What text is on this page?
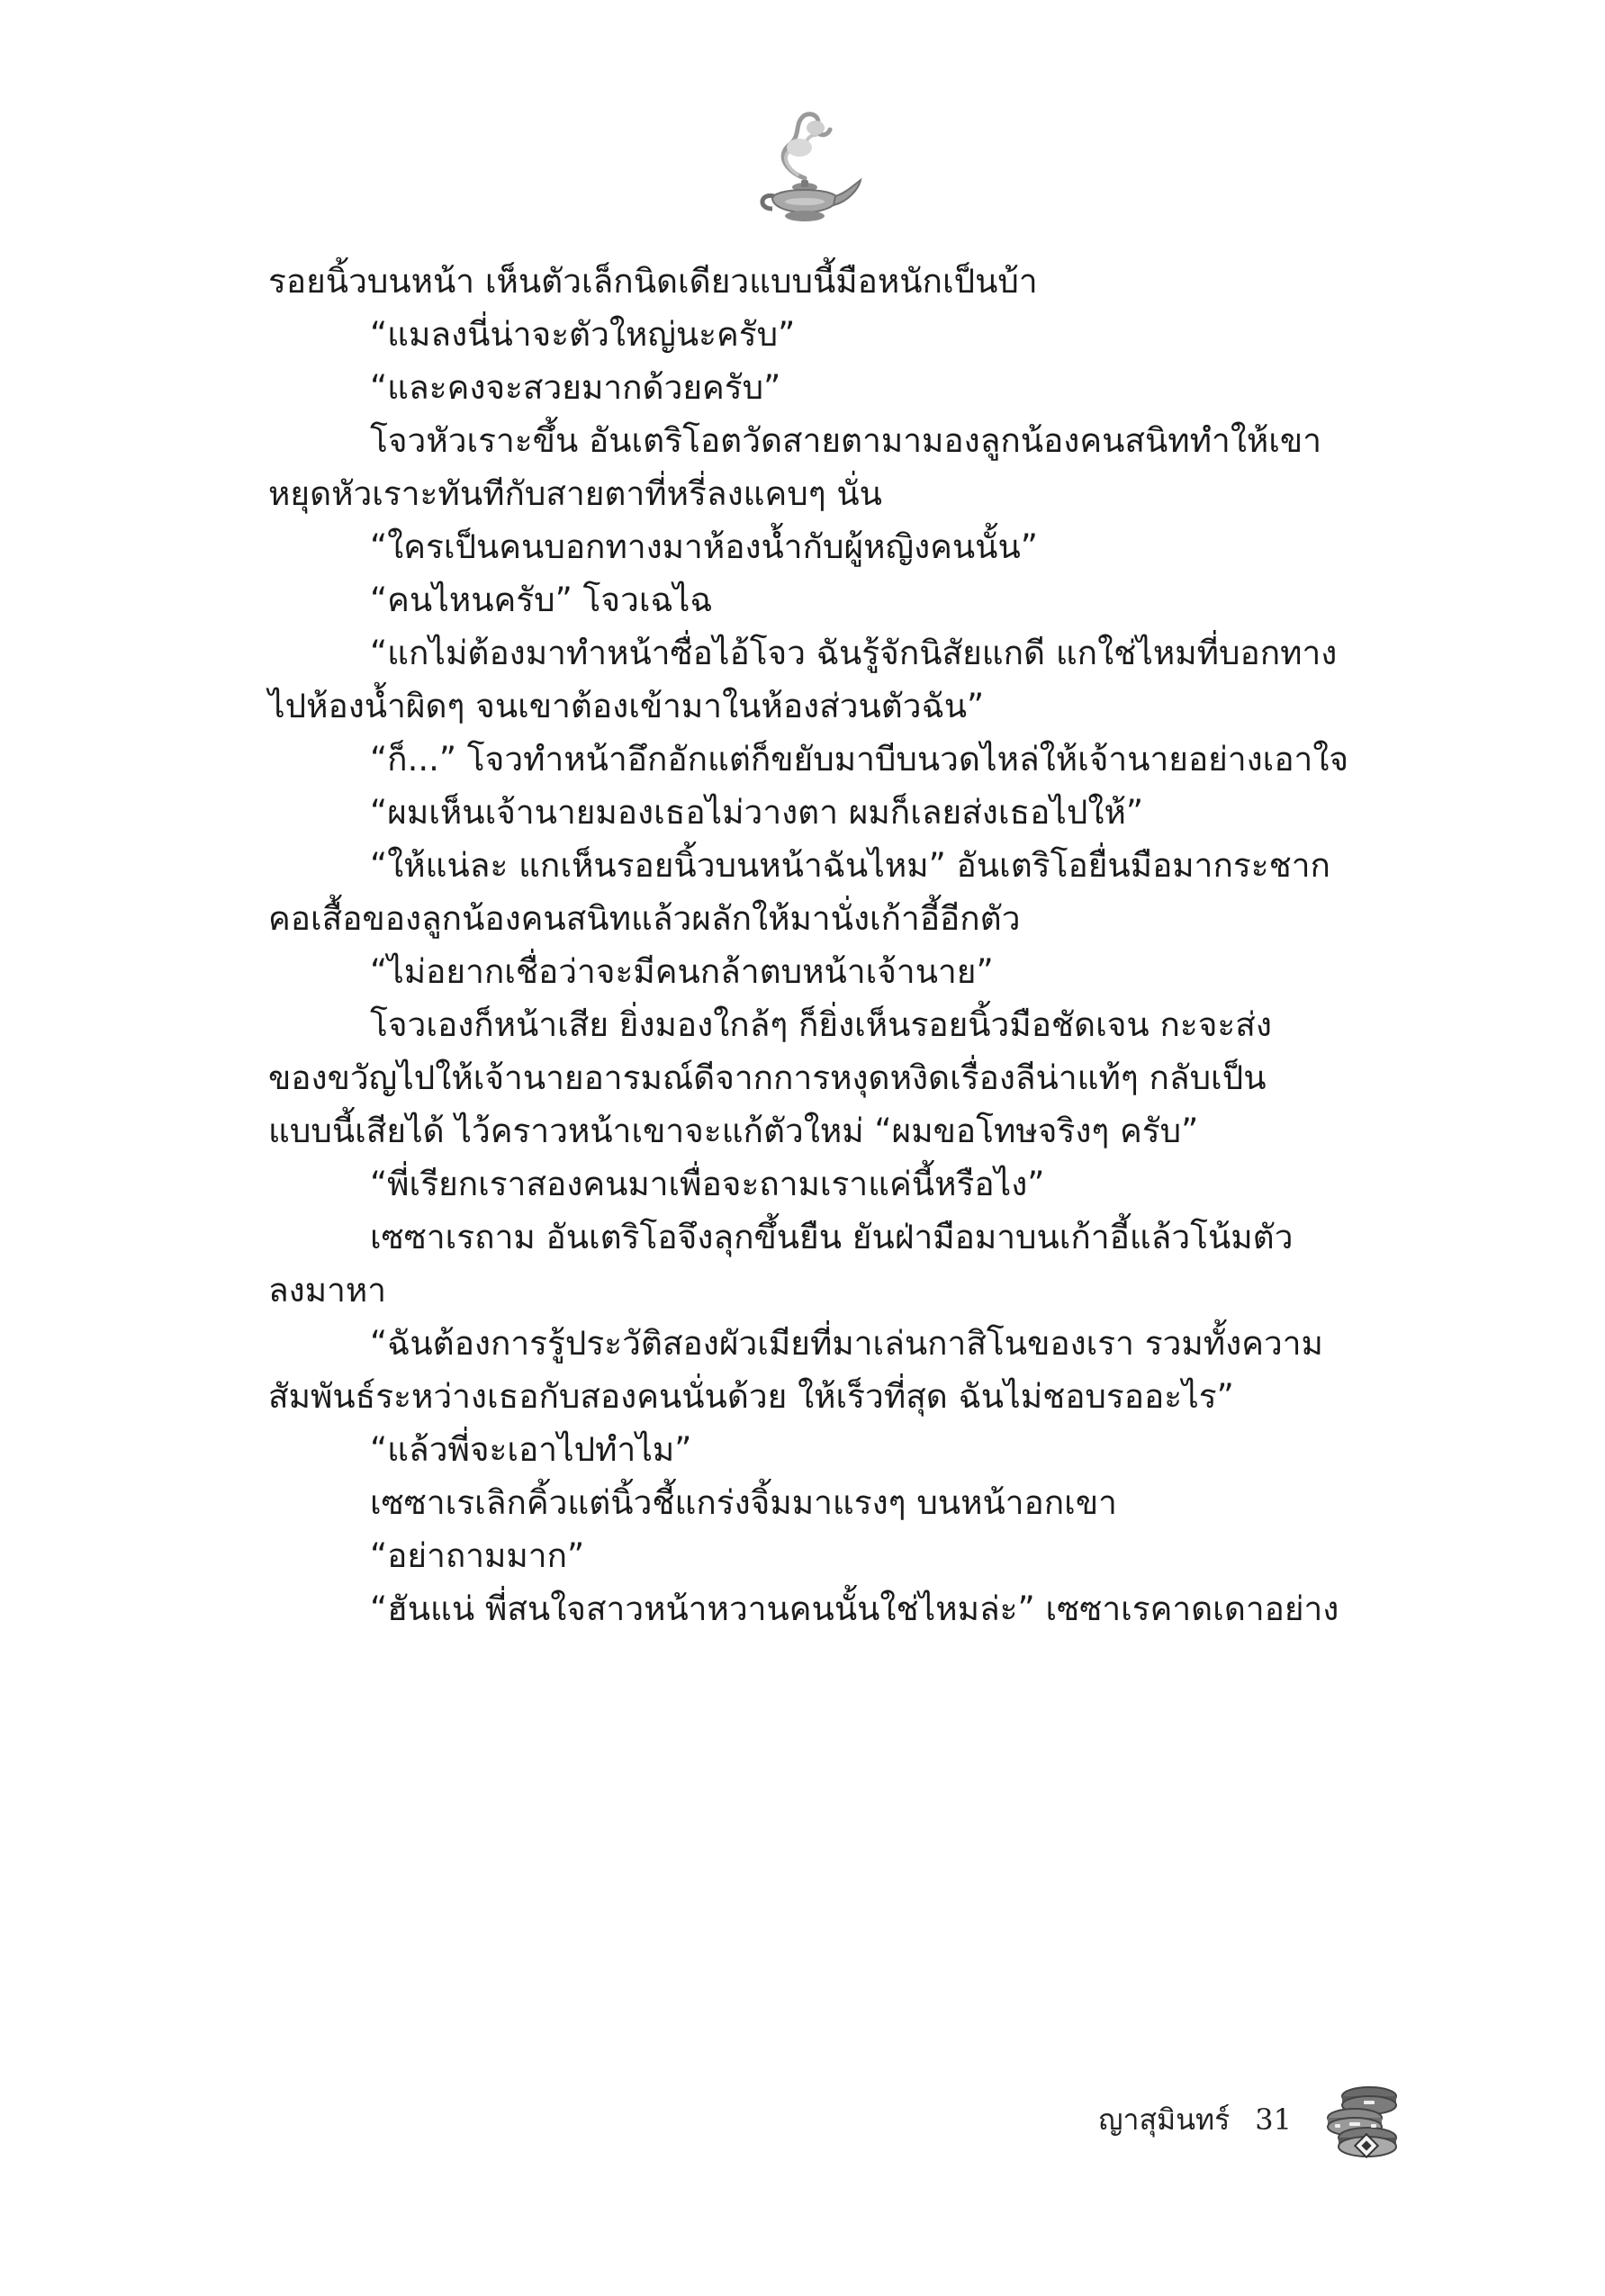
รอยนิ้วบนหน้า เห็นตัวเล็กนิดเดียวแบบนี้มือหนักเป็นบ้า
“แมลงนี่น่าจะตัวใหญ่นะครับ”
“และคงจะสวยมากด้วยครับ”
โจวหัวเราะขึ้น อันเตริโอตวัดสายตามามองลูกน้องคนสนิททำให้เขา
หยุดหัวเราะทันทีกับสายตาที่หรี่ลงแคบๆ นั่น
“ใครเป็นคนบอกทางมาห้องน้ำกับผู้หญิงคนนั้น”
“คนไหนครับ” โจวเฉไฉ
“แกไม่ต้องมาทำหน้าซื่อไอ้โจว ฉันรู้จักนิสัยแกดี แกใช่ไหมที่บอกทาง
ไปห้องน้ำผิดๆ จนเขาต้องเข้ามาในห้องส่วนตัวฉัน”
“ก็...” โจวทำหน้าอึกอักแต่ก็ขยับมาบีบนวดไหล่ให้เจ้านายอย่างเอาใจ
“ผมเห็นเจ้านายมองเธอไม่วางตา ผมก็เลยส่งเธอไปให้”
“ให้แน่ละ แกเห็นรอยนิ้วบนหน้าฉันไหม” อันเตริโอยื่นมือมากระชาก
คอเสื้อของลูกน้องคนสนิทแล้วผลักให้มานั่งเก้าอี้อีกตัว
“ไม่อยากเชื่อว่าจะมีคนกล้าตบหน้าเจ้านาย”
โจวเองก็หน้าเสีย ยิ่งมองใกล้ๆ ก็ยิ่งเห็นรอยนิ้วมือชัดเจน กะจะส่ง
ของขวัญไปให้เจ้านายอารมณ์ดีจากการหงุดหงิดเรื่องลีน่าแท้ๆ กลับเป็น
แบบนี้เสียได้ ไว้คราวหน้าเขาจะแก้ตัวใหม่ “ผมขอโทษจริงๆ ครับ”
“พี่เรียกเราสองคนมาเพื่อจะถามเราแค่นี้หรือไง”
เซซาเรถาม อันเตริโอจึงลุกขึ้นยืน ยันฝ่ามือมาบนเก้าอี้แล้วโน้มตัว
ลงมาหา
“ฉันต้องการรู้ประวัติสองผัวเมียที่มาเล่นกาสิโนของเรา รวมทั้งความ
สัมพันธ์ระหว่างเธอกับสองคนนั่นด้วย ให้เร็วที่สุด ฉันไม่ชอบรออะไร”
“แล้วพี่จะเอาไปทำไม”
เซซาเรเลิกคิ้วแต่นิ้วชี้แกร่งจิ้มมาแรงๆ บนหน้าอกเขา
“อย่าถามมาก”
“ฮันแน่ พี่สนใจสาวหน้าหวานคนนั้นใช่ไหมล่ะ” เซซาเรคาดเดาอย่าง
ญาสุมินทร์ 31
